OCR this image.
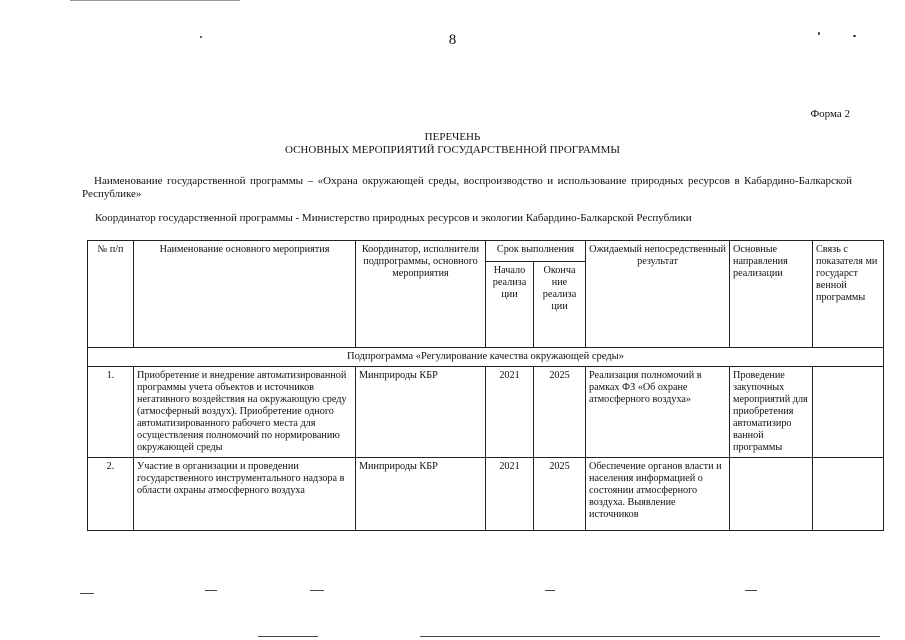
8
Форма 2
ПЕРЕЧЕНЬ
ОСНОВНЫХ МЕРОПРИЯТИЙ ГОСУДАРСТВЕННОЙ ПРОГРАММЫ
Наименование государственной программы – «Охрана окружающей среды, воспроизводство и использование природных ресурсов в Кабардино-Балкарской Республике»
Координатор государственной программы - Министерство природных ресурсов и экологии Кабардино-Балкарской Республики
№ п/п	Наименование основного мероприятия	Координатор, исполнители подпрограммы, основного мероприятия	Срок выполнения		Ожидаемый непосредственный результат	Основные направления реализации	Связь с показателя ми государст венной программы
			Начало реализа ции	Оконча ние реализа ции			
Подпрограмма «Регулирование качества окружающей среды»							
1.	Приобретение и внедрение автоматизированной программы учета объектов и источников негативного воздействия на окружающую среду (атмосферный воздух). Приобретение одного автоматизированного рабочего места для осуществления полномочий по нормированию окружающей среды	Минприроды КБР	2021	2025	Реализация полномочий в рамках ФЗ «Об охране атмосферного воздуха»	Проведение закупочных мероприятий для приобретения автоматизиро ванной программы	
2.	Участие в организации и проведении государственного инструментального надзора в области охраны атмосферного воздуха	Минприроды КБР	2021	2025	Обеспечение органов власти и населения информацией о состоянии атмосферного воздуха. Выявление источников		
